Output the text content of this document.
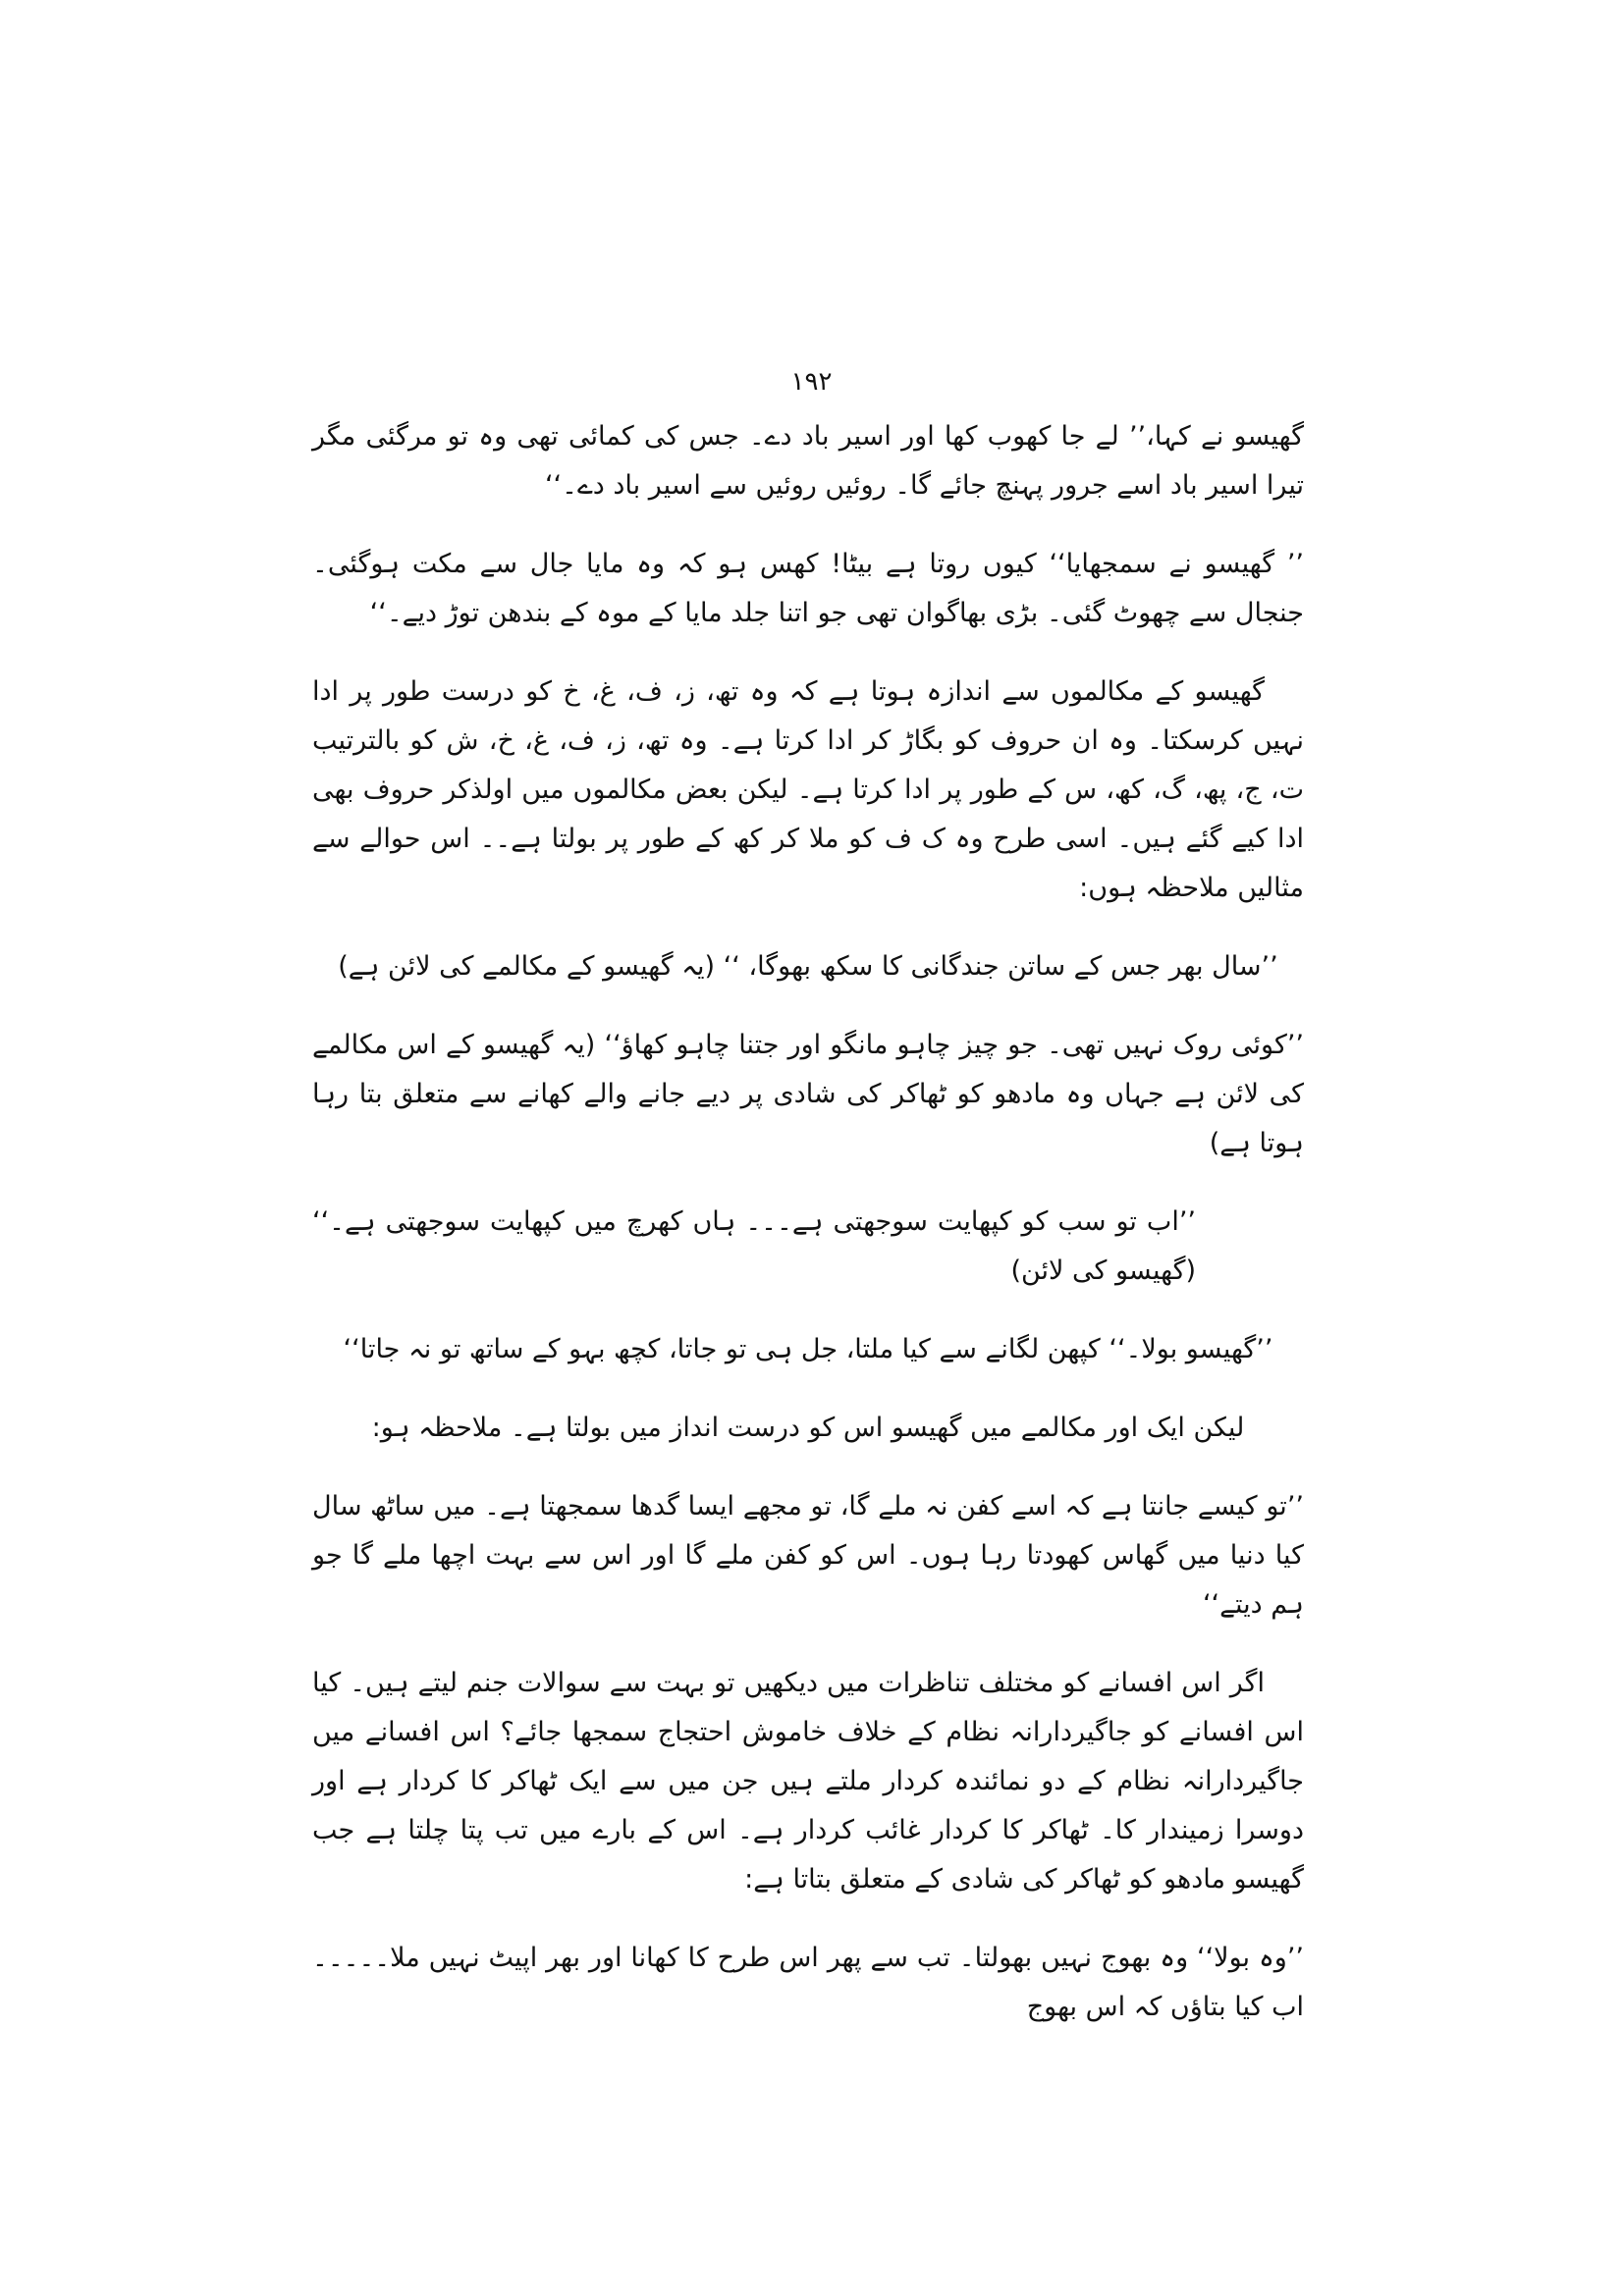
۱۹۲

گھیسو نے کہا،’’ لے جا کھوب کھا اور اسیر باد دے۔ جس کی کمائی تھی وہ تو مرگئی مگر تیرا اسیر باد اسے جرور پہنچ جائے گا۔ روئیں روئیں سے اسیر باد دے۔‘‘

’’ گھیسو نے سمجھایا‘‘ کیوں روتا ہے بیٹا! کھس ہو کہ وہ مایا جال سے مکت ہوگئی۔ جنجال سے چھوٹ گئی۔ بڑی بھاگوان تھی جو اتنا جلد مایا کے موہ کے بندھن توڑ دیے۔‘‘

گھیسو کے مکالموں سے اندازہ ہوتا ہے کہ وہ تھ، ز، ف، غ، خ کو درست طور پر ادا نہیں کرسکتا۔ وہ ان حروف کو بگاڑ کر ادا کرتا ہے۔ وہ تھ، ز، ف، غ، خ، ش کو بالترتیب ت، ج، پھ، گ، کھ، س کے طور پر ادا کرتا ہے۔ لیکن بعض مکالموں میں اولذکر حروف بھی ادا کیے گئے ہیں۔ اسی طرح وہ ک ف کو ملا کر کھ کے طور پر بولتا ہے۔۔ اس حوالے سے مثالیں ملاحظہ ہوں:

’’سال بھر جس کے ساتن جندگانی کا سکھ بھوگا، ‘‘ (یہ گھیسو کے مکالمے کی لائن ہے)

’’کوئی روک نہیں تھی۔ جو چیز چاہو مانگو اور جتنا چاہو کھاؤ‘‘ (یہ گھیسو کے اس مکالمے کی لائن ہے جہاں وہ مادھو کو ٹھاکر کی شادی پر دیے جانے والے کھانے سے متعلق بتا رہا ہوتا ہے)

’’اب تو سب کو کپھایت سوجھتی ہے۔۔۔ ہاں کھرچ میں کپھایت سوجھتی ہے۔‘‘ (گھیسو کی لائن)

’’گھیسو بولا۔‘‘ کپھن لگانے سے کیا ملتا، جل ہی تو جاتا، کچھ بہو کے ساتھ تو نہ جاتا‘‘

لیکن ایک اور مکالمے میں گھیسو اس کو درست انداز میں بولتا ہے۔ ملاحظہ ہو:

’’تو کیسے جانتا ہے کہ اسے کفن نہ ملے گا، تو مجھے ایسا گدھا سمجھتا ہے۔ میں ساٹھ سال کیا دنیا میں گھاس کھودتا رہا ہوں۔ اس کو کفن ملے گا اور اس سے بہت اچھا ملے گا جو ہم دیتے‘‘

اگر اس افسانے کو مختلف تناظرات میں دیکھیں تو بہت سے سوالات جنم لیتے ہیں۔ کیا اس افسانے کو جاگیردارانہ نظام کے خلاف خاموش احتجاج سمجھا جائے؟ اس افسانے میں جاگیردارانہ نظام کے دو نمائندہ کردار ملتے ہیں جن میں سے ایک ٹھاکر کا کردار ہے اور دوسرا زمیندار کا۔ ٹھاکر کا کردار غائب کردار ہے۔ اس کے بارے میں تب پتا چلتا ہے جب گھیسو مادھو کو ٹھاکر کی شادی کے متعلق بتاتا ہے:

’’وہ بولا‘‘ وہ بھوج نہیں بھولتا۔ تب سے پھر اس طرح کا کھانا اور بھر اپیٹ نہیں ملا۔۔۔۔۔ اب کیا بتاؤں کہ اس بھوج
